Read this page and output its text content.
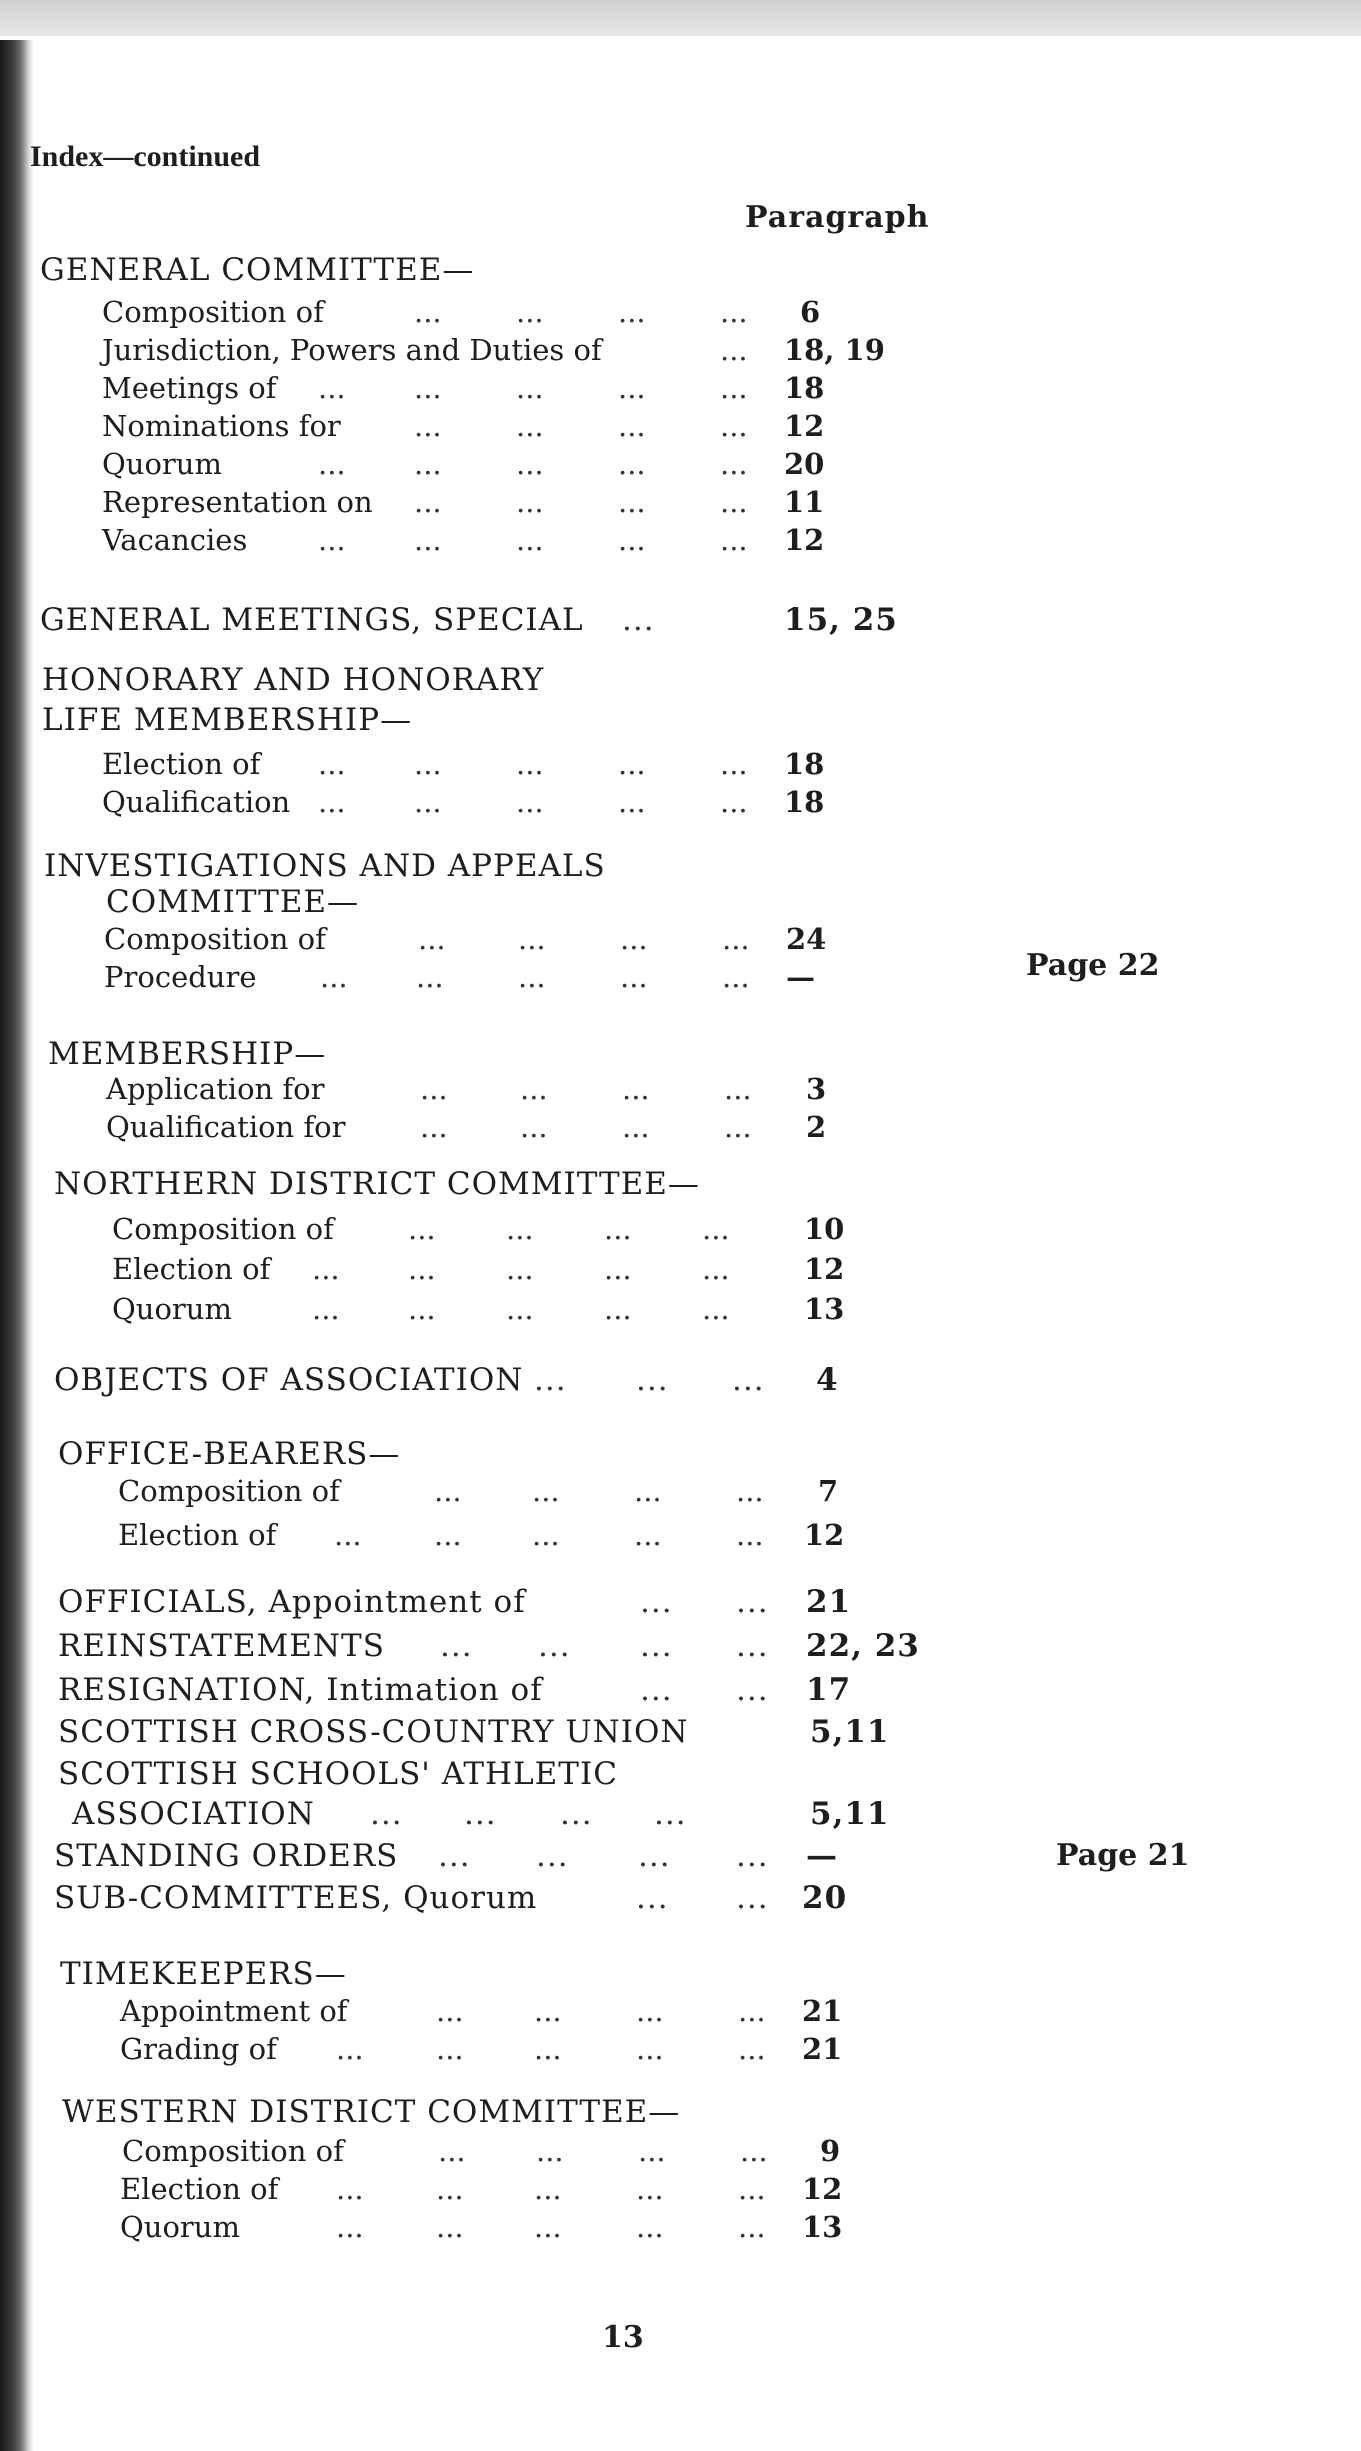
Index—continued
Paragraph
GENERAL COMMITTEE—
Composition of	...	...	...	... 6
Jurisdiction, Powers and Duties of	... 18, 19
Meetings of ... ...	...	...	... 18
Nominations for	...	...	...	... 12
Quorum	... ...	...	...	... 20
Representation on ...	...	...	... 11
Vacancies ... ...	...	...	... 12
GENERAL MEETINGS, SPECIAL ...	15, 25
HONORARY AND HONORARY
LIFE MEMBERSHIP—
Election of ... ...	...	...	... 18
Qualification ... ...	...	...	... 18
INVESTIGATIONS AND APPEALS
COMMITTEE—
Composition of	... ...	...	... 24
Procedure ... ...	...	...	... —	Page 22
MEMBERSHIP—
Application for	... ...	...	... 3
Qualification for	... ...	...	... 2
NORTHERN DISTRICT COMMITTEE—
Composition of	... ... ... ...	10
Election of ... ... ... ... ...	12
Quorum	... ... ... ... ...	13
OBJECTS OF ASSOCIATION ... ... ... 4
OFFICE-BEARERS—
Composition of	... ...	...	... 7
Election of ... ... ...	...	... 12
OFFICIALS, Appointment of	... ... 21
REINSTATEMENTS ... ... ... ... 22, 23
RESIGNATION, Intimation of	... ... 17
SCOTTISH CROSS-COUNTRY UNION	5,11
SCOTTISH SCHOOLS' ATHLETIC
ASSOCIATION ... ... ... ...	5,11
STANDING ORDERS ... ... ... ... —	Page 21
SUB-COMMITTEES, Quorum	... ... 20
TIMEKEEPERS—
Appointment of	... ...	...	... 21
Grading of ... ... ...	...	... 21
WESTERN DISTRICT COMMITTEE—
Composition of	... ...	...	... 9
Election of ... ... ...	...	... 12
Quorum	... ... ...	...	... 13
13
